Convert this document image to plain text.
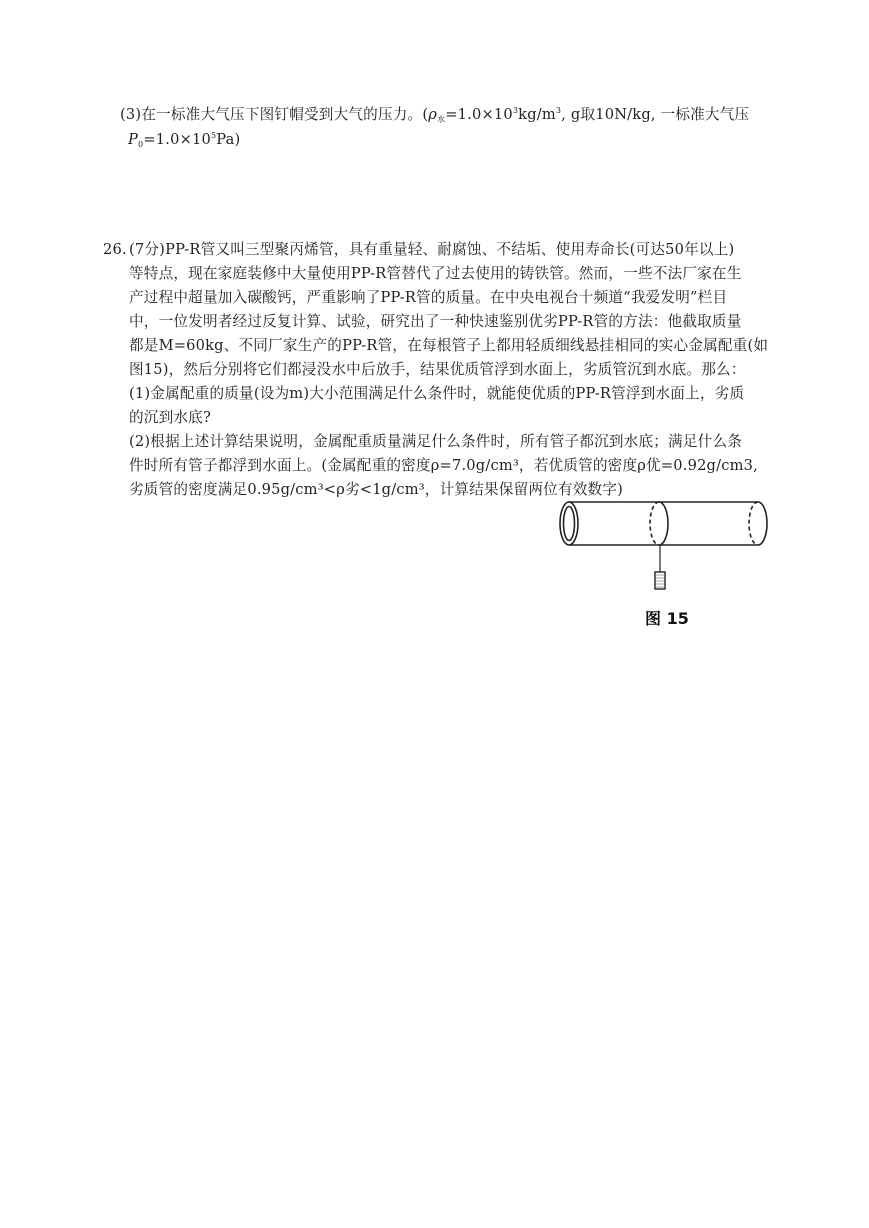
(3)在一标准大气压下图钉帽受到大气的压力。($\rho_水=1.0\times 10^3kg/m^3$, g取10N/kg, 一标准大气压
$P_0=1.0\times 10^5Pa$)
26. (7分)PP-R管又叫三型聚丙烯管，具有重量轻、耐腐蚀、不结垢、使用寿命长(可达50年以上)
等特点，现在家庭装修中大量使用PP-R管替代了过去使用的铸铁管。然而，一些不法厂家在生
产过程中超量加入碳酸钙，严重影响了PP-R管的质量。在中央电视台十频道“我爱发明”栏目
中，一位发明者经过反复计算、试验，研究出了一种快速鉴别优劣PP-R管的方法：他截取质量
都是M=60kg、不同厂家生产的PP-R管，在每根管子上都用轻质细线悬挂相同的实心金属配重(如
图15)，然后分别将它们都浸没水中后放手，结果优质管浮到水面上，劣质管沉到水底。那么：
(1)金属配重的质量(设为m)大小范围满足什么条件时，就能使优质的PP-R管浮到水面上，劣质
的沉到水底?
(2)根据上述计算结果说明，金属配重质量满足什么条件时，所有管子都沉到水底；满足什么条
件时所有管子都浮到水面上。(金属配重的密度ρ=7.0g/cm³，若优质管的密度ρ优=0.92g/cm3,
劣质管的密度满足0.95g/cm³<ρ劣<1g/cm³，计算结果保留两位有效数字)
图 15
